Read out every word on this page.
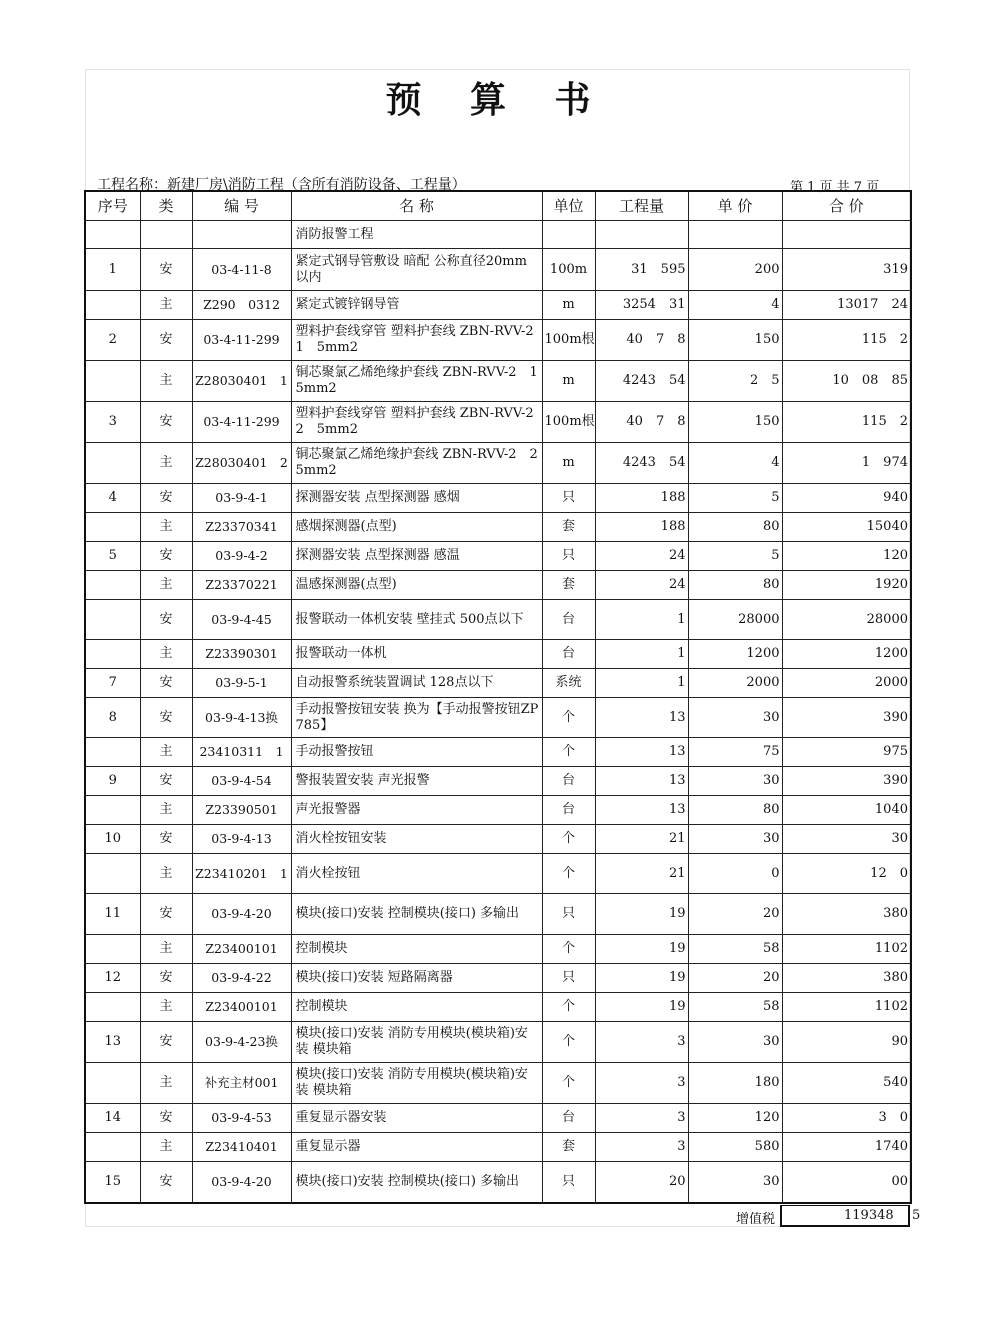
预 算 书
工程名称：新建厂房\消防工程（含所有消防设备、工程量）	第 1 页 共 7 页
序号	类	编 号	名 称	单位	工程量	单 价	合 价
			消防报警工程				
1	安	03-4-11-8	紧定式钢导管敷设 暗配 公称直径20mm以内	100m	31　595	200	319
	主	Z290　0312	紧定式镀锌钢导管	m	3254　31	4	13017　24
2	安	03-4-11-299	塑料护套线穿管 塑料护套线 ZBN-RVV-2　1　5mm2	100m根	40　7　8	150	115　2
	主	Z28030401　1	铜芯聚氯乙烯绝缘护套线 ZBN-RVV-2　1　5mm2	m	4243　54	2　5	10　08　85
3	安	03-4-11-299	塑料护套线穿管 塑料护套线 ZBN-RVV-2　2　5mm2	100m根	40　7　8	150	115　2
	主	Z28030401　2	铜芯聚氯乙烯绝缘护套线 ZBN-RVV-2　2　5mm2	m	4243　54	4	1　974
4	安	03-9-4-1	探测器安装 点型探测器 感烟	只	188	5	940
	主	Z23370341	感烟探测器(点型)	套	188	80	15040
5	安	03-9-4-2	探测器安装 点型探测器 感温	只	24	5	120
	主	Z23370221	温感探测器(点型)	套	24	80	1920
	安	03-9-4-45	报警联动一体机安装 壁挂式 500点以下	台	1	28000	28000
	主	Z23390301	报警联动一体机	台	1	1200	1200
7	安	03-9-5-1	自动报警系统装置调试 128点以下	系统	1	2000	2000
8	安	03-9-4-13换	手动报警按钮安装 换为【手动报警按钮ZP785】	个	13	30	390
	主	23410311　1	手动报警按钮	个	13	75	975
9	安	03-9-4-54	警报装置安装 声光报警	台	13	30	390
	主	Z23390501	声光报警器	台	13	80	1040
10	安	03-9-4-13	消火栓按钮安装	个	21	30	30
	主	Z23410201　1	消火栓按钮	个	21	0	12　0
11	安	03-9-4-20	模块(接口)安装 控制模块(接口) 多输出	只	19	20	380
	主	Z23400101	控制模块	个	19	58	1102
12	安	03-9-4-22	模块(接口)安装 短路隔离器	只	19	20	380
	主	Z23400101	控制模块	个	19	58	1102
13	安	03-9-4-23换	模块(接口)安装 消防专用模块(模块箱)安装 模块箱	个	3	30	90
	主	补充主材001	模块(接口)安装 消防专用模块(模块箱)安装 模块箱	个	3	180	540
14	安	03-9-4-53	重复显示器安装	台	3	120	3　0
	主	Z23410401	重复显示器	套	3	580	1740
15	安	03-9-4-20	模块(接口)安装 控制模块(接口) 多输出	只	20	30	00
增值税	119348 5
